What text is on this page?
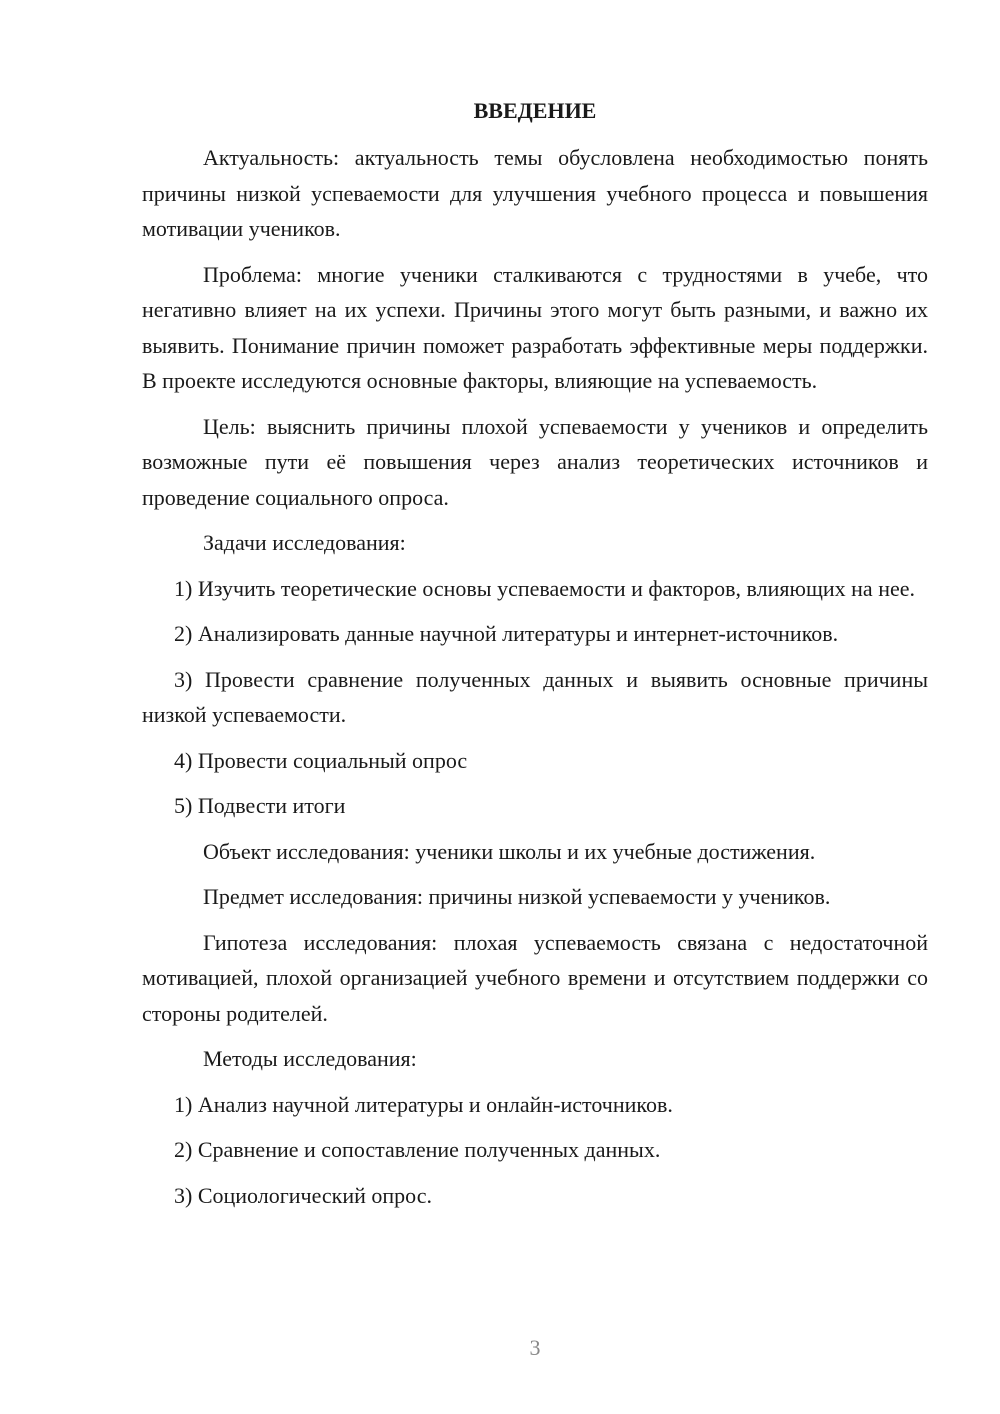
ВВЕДЕНИЕ

Актуальность: актуальность темы обусловлена необходимостью понять причины низкой успеваемости для улучшения учебного процесса и повышения мотивации учеников.

Проблема: многие ученики сталкиваются с трудностями в учебе, что негативно влияет на их успехи. Причины этого могут быть разными, и важно их выявить. Понимание причин поможет разработать эффективные меры поддержки. В проекте исследуются основные факторы, влияющие на успеваемость.

Цель: выяснить причины плохой успеваемости у учеников и определить возможные пути её повышения через анализ теоретических источников и проведение социального опроса.

Задачи исследования:

1) Изучить теоретические основы успеваемости и факторов, влияющих на нее.

2) Анализировать данные научной литературы и интернет-источников.

3) Провести сравнение полученных данных и выявить основные причины низкой успеваемости.

4) Провести социальный опрос

5) Подвести итоги

Объект исследования: ученики школы и их учебные достижения.

Предмет исследования: причины низкой успеваемости у учеников.

Гипотеза исследования: плохая успеваемость связана с недостаточной мотивацией, плохой организацией учебного времени и отсутствием поддержки со стороны родителей.

Методы исследования:

1) Анализ научной литературы и онлайн-источников.

2) Сравнение и сопоставление полученных данных.

3) Социологический опрос.

3
